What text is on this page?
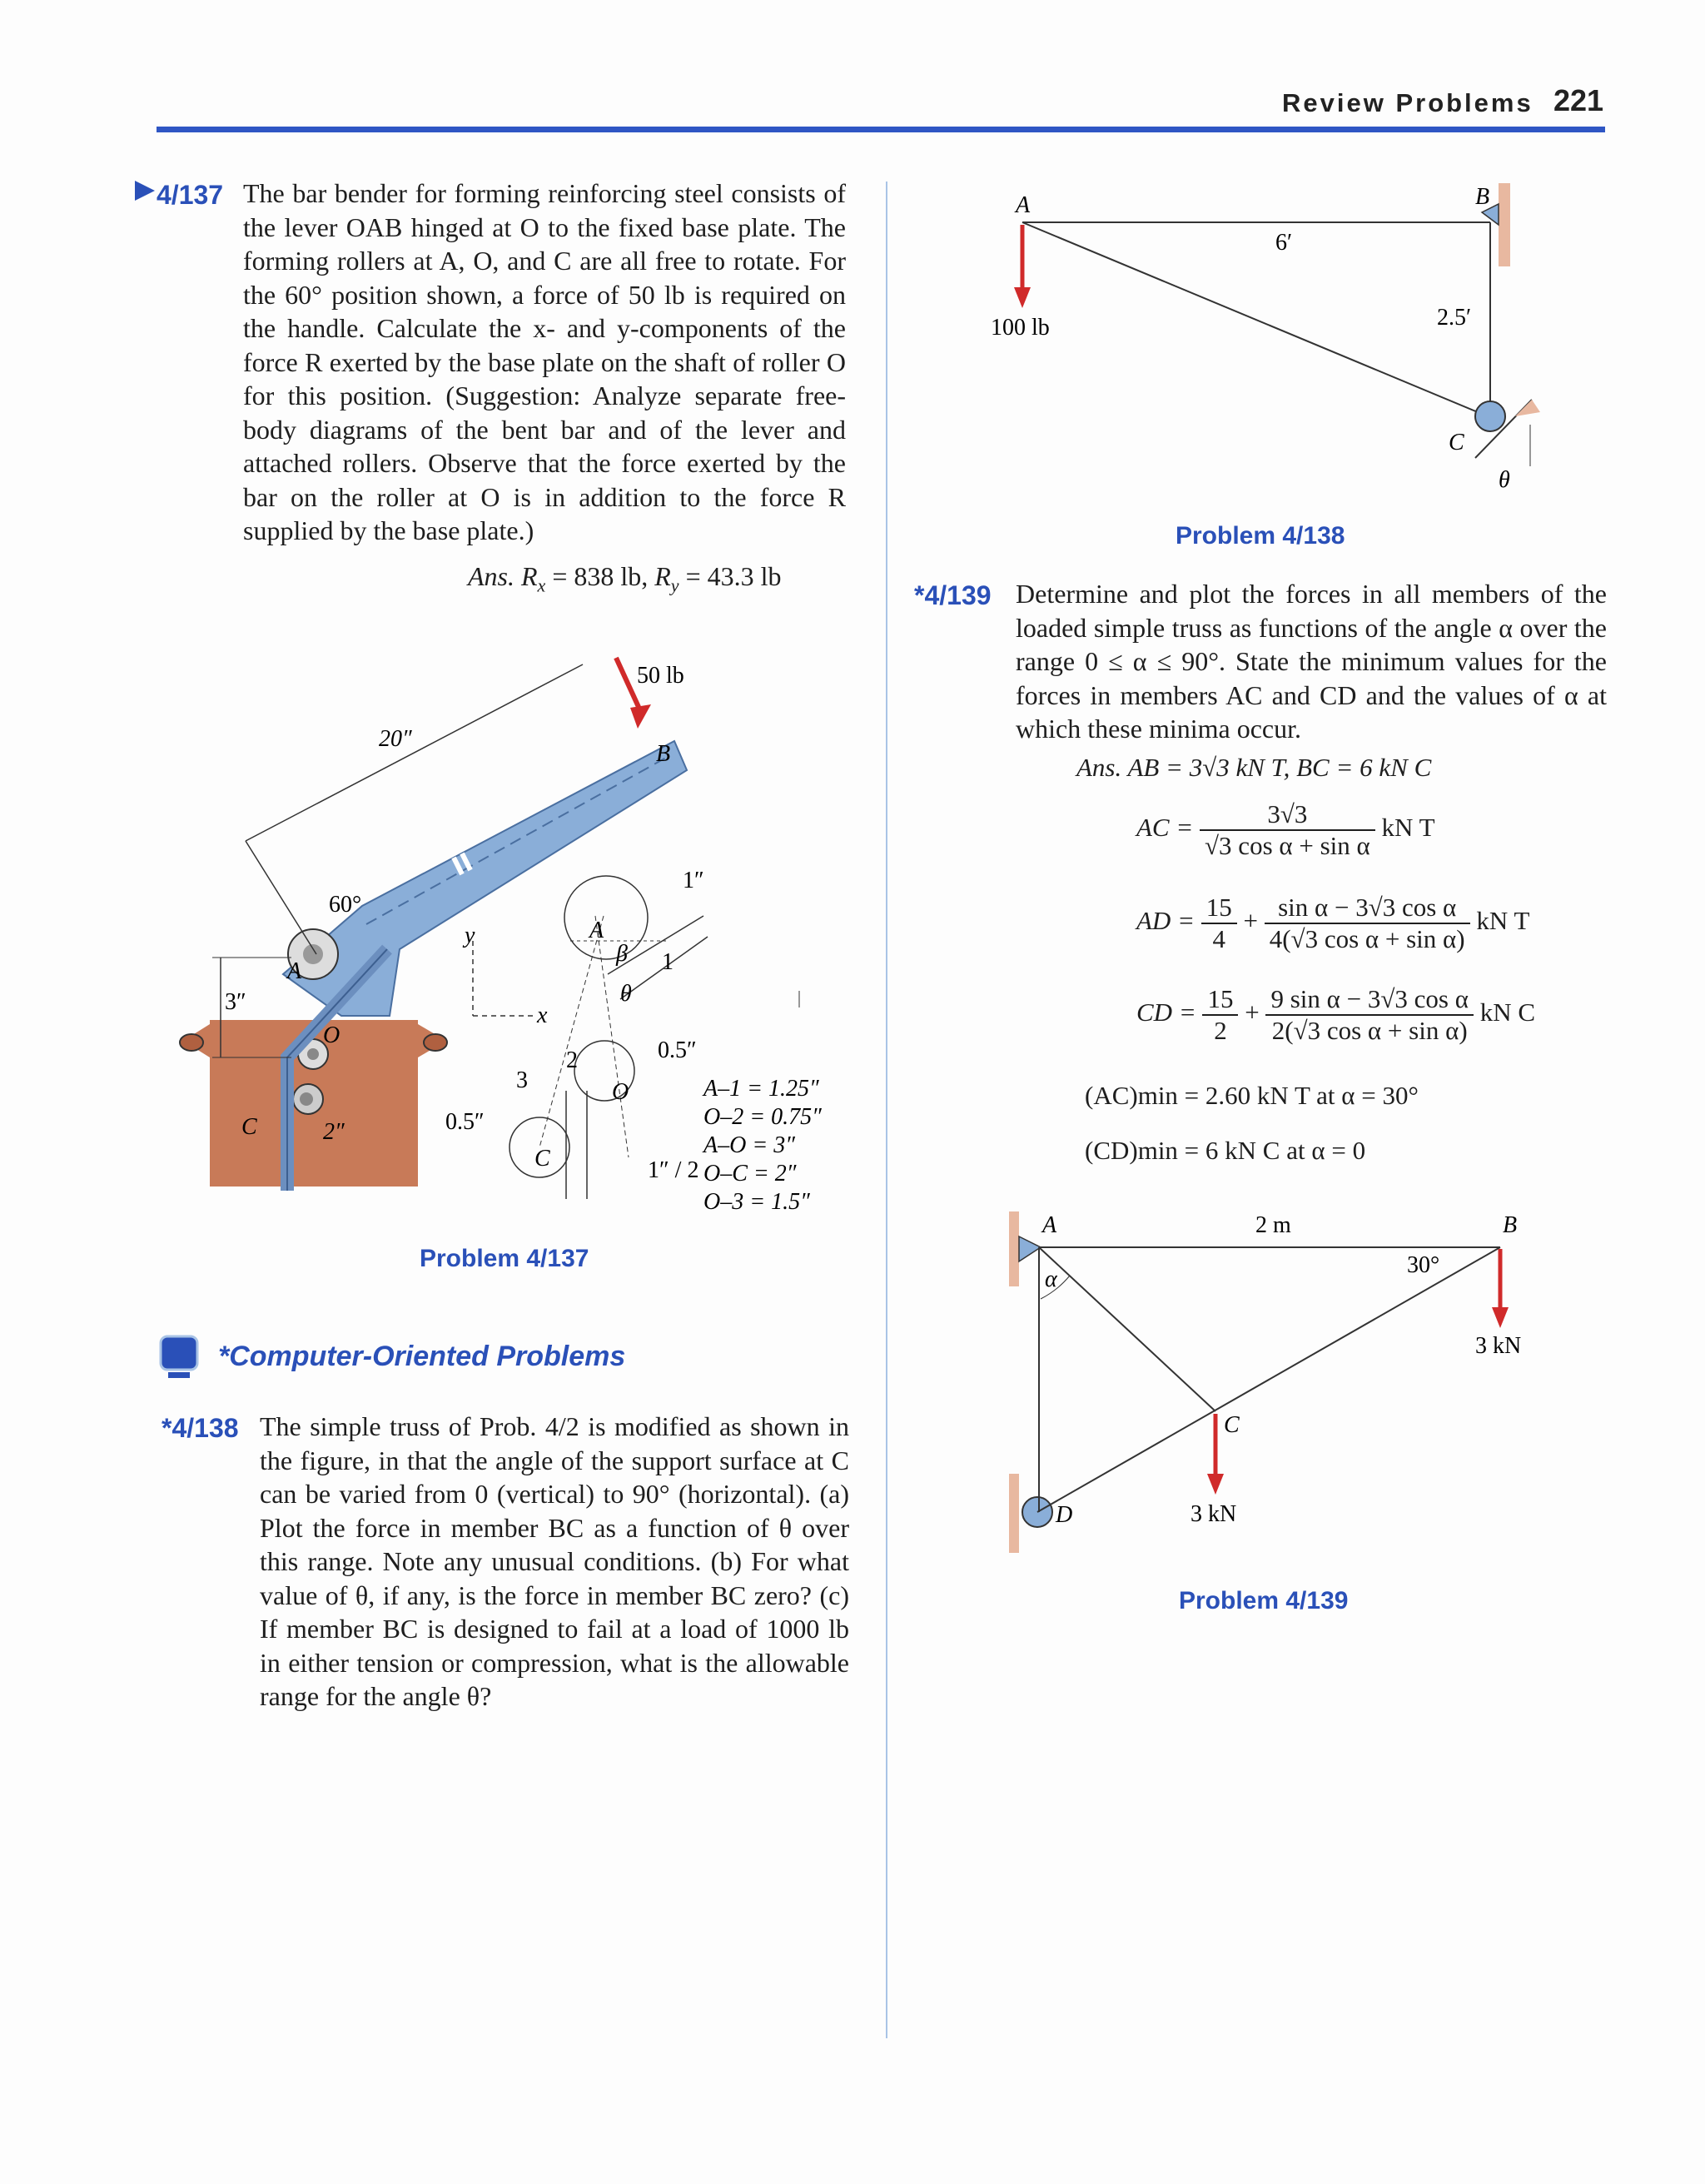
Review Problems 221
4/137 The bar bender for forming reinforcing steel consists of the lever OAB hinged at O to the fixed base plate. The forming rollers at A, O, and C are all free to rotate. For the 60° position shown, a force of 50 lb is required on the handle. Calculate the x- and y-components of the force R exerted by the base plate on the shaft of roller O for this position. (Suggestion: Analyze separate free-body diagrams of the bent bar and of the lever and attached rollers. Observe that the force exerted by the bar on the roller at O is in addition to the force R supplied by the base plate.)
Ans. $R_x = 838$ lb, $R_y = 43.3$ lb
20″
50 lb
B
60°
A
O
C
3″
2″
y
x
1″
A
β 1
θ
2	0.5″
O
3
0.5″
C	1″ / 2
A–1 = 1.25″
O–2 = 0.75″
A–O = 3″
O–C = 2″
O–3 = 1.5″
Problem 4/137
*Computer-Oriented Problems
*4/138 The simple truss of Prob. 4/2 is modified as shown in the figure, in that the angle of the support surface at C can be varied from 0 (vertical) to 90° (horizontal). (a) Plot the force in member BC as a function of θ over this range. Note any unusual conditions. (b) For what value of θ, if any, is the force in member BC zero? (c) If member BC is designed to fail at a load of 1000 lb in either tension or compression, what is the allowable range for the angle θ?
A	B
C
θ
6′
2.5′
100 lb
Problem 4/138
*4/139 Determine and plot the forces in all members of the loaded simple truss as functions of the angle α over the range 0 ≤ α ≤ 90°. State the minimum values for the forces in members AC and CD and the values of α at which these minima occur.
Ans. AB = 3√3 kN T, BC = 6 kN C
AC = $\frac{3√3}{\text{√3 cos α + sin α}}$ kN T
AD = $\frac{15}{4} + \frac{\text{sin α − 3√3 cos α}}{\text{4(√3 cos α + sin α)}}$ kN T
CD = $\frac{15}{2} + \frac{\text{9 sin α − 3√3 cos α}}{\text{2(√3 cos α + sin α)}}$ kN C
(AC)min = 2.60 kN T at α = 30°
(CD)min = 6 kN C at α = 0
A	B
C
D
α
2 m
30°
3 kN
3 kN
Problem 4/139
